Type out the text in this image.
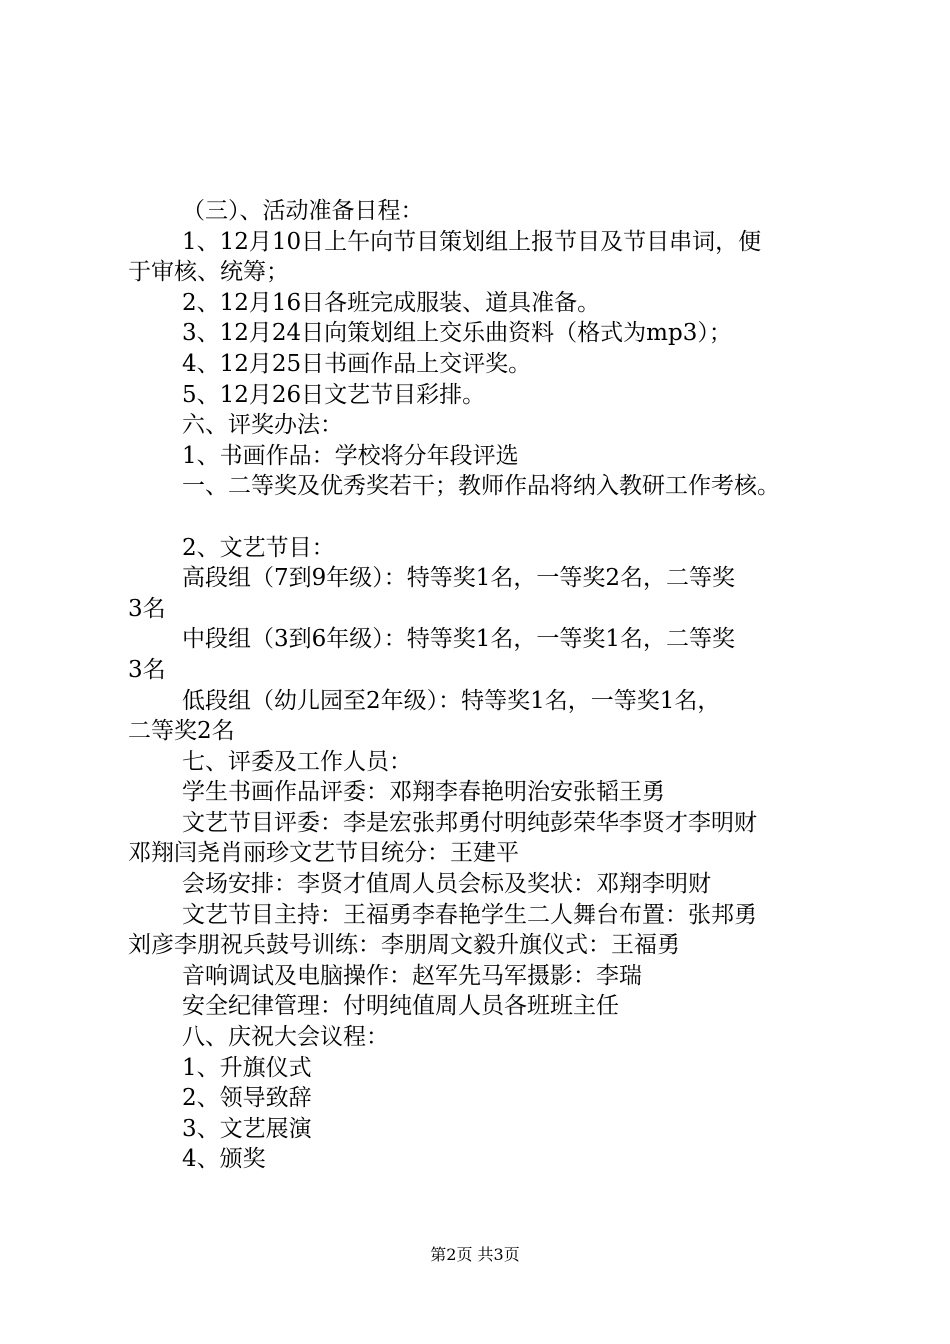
（三）、活动准备日程：
1、12月10日上午向节目策划组上报节目及节目串词，便
于审核、统筹；
2、12月16日各班完成服装、道具准备。
3、12月24日向策划组上交乐曲资料（格式为mp3）；
4、12月25日书画作品上交评奖。
5、12月26日文艺节目彩排。
六、评奖办法：
1、书画作品：学校将分年段评选
一、二等奖及优秀奖若干；教师作品将纳入教研工作考核。
2、文艺节目：
高段组（7到9年级）：特等奖1名，一等奖2名，二等奖
3名
中段组（3到6年级）：特等奖1名，一等奖1名，二等奖
3名
低段组（幼儿园至2年级）：特等奖1名，一等奖1名，
二等奖2名
七、评委及工作人员：
学生书画作品评委：邓翔李春艳明治安张韬王勇
文艺节目评委：李是宏张邦勇付明纯彭荣华李贤才李明财
邓翔闫尧肖丽珍文艺节目统分：王建平
会场安排：李贤才值周人员会标及奖状：邓翔李明财
文艺节目主持：王福勇李春艳学生二人舞台布置：张邦勇
刘彦李朋祝兵鼓号训练：李朋周文毅升旗仪式：王福勇
音响调试及电脑操作：赵军先马军摄影：李瑞
安全纪律管理：付明纯值周人员各班班主任
八、庆祝大会议程：
1、升旗仪式
2、领导致辞
3、文艺展演
4、颁奖
第2页 共3页
